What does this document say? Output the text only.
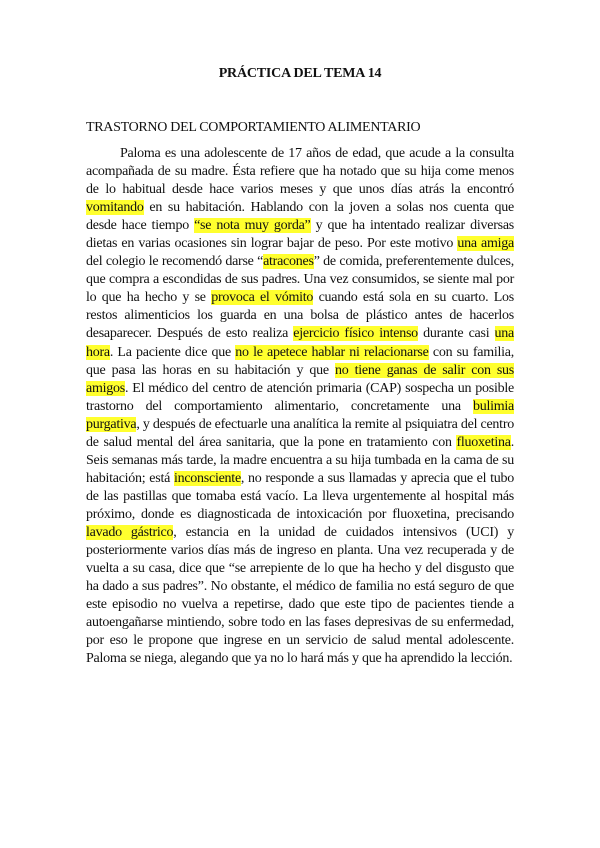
PRÁCTICA DEL TEMA 14
TRASTORNO DEL COMPORTAMIENTO ALIMENTARIO

Paloma es una adolescente de 17 años de edad, que acude a la consulta acompañada de su madre. Ésta refiere que ha notado que su hija come menos de lo habitual desde hace varios meses y que unos días atrás la encontró vomitando en su habitación. Hablando con la joven a solas nos cuenta que desde hace tiempo “se nota muy gorda” y que ha intentado realizar diversas dietas en varias ocasiones sin lograr bajar de peso. Por este motivo una amiga del colegio le recomendó darse “atracones” de comida, preferentemente dulces, que compra a escondidas de sus padres. Una vez consumidos, se siente mal por lo que ha hecho y se provoca el vómito cuando está sola en su cuarto. Los restos alimenticios los guarda en una bolsa de plástico antes de hacerlos desaparecer. Después de esto realiza ejercicio físico intenso durante casi una hora. La paciente dice que no le apetece hablar ni relacionarse con su familia, que pasa las horas en su habitación y que no tiene ganas de salir con sus amigos. El médico del centro de atención primaria (CAP) sospecha un posible trastorno del comportamiento alimentario, concretamente una bulimia purgativa, y después de efectuarle una analítica la remite al psiquiatra del centro de salud mental del área sanitaria, que la pone en tratamiento con fluoxetina. Seis semanas más tarde, la madre encuentra a su hija tumbada en la cama de su habitación; está inconsciente, no responde a sus llamadas y aprecia que el tubo de las pastillas que tomaba está vacío. La lleva urgentemente al hospital más próximo, donde es diagnosticada de intoxicación por fluoxetina, precisando lavado gástrico, estancia en la unidad de cuidados intensivos (UCI) y posteriormente varios días más de ingreso en planta. Una vez recuperada y de vuelta a su casa, dice que “se arrepiente de lo que ha hecho y del disgusto que ha dado a sus padres”. No obstante, el médico de familia no está seguro de que este episodio no vuelva a repetirse, dado que este tipo de pacientes tiende a autoengañarse mintiendo, sobre todo en las fases depresivas de su enfermedad, por eso le propone que ingrese en un servicio de salud mental adolescente. Paloma se niega, alegando que ya no lo hará más y que ha aprendido la lección.
